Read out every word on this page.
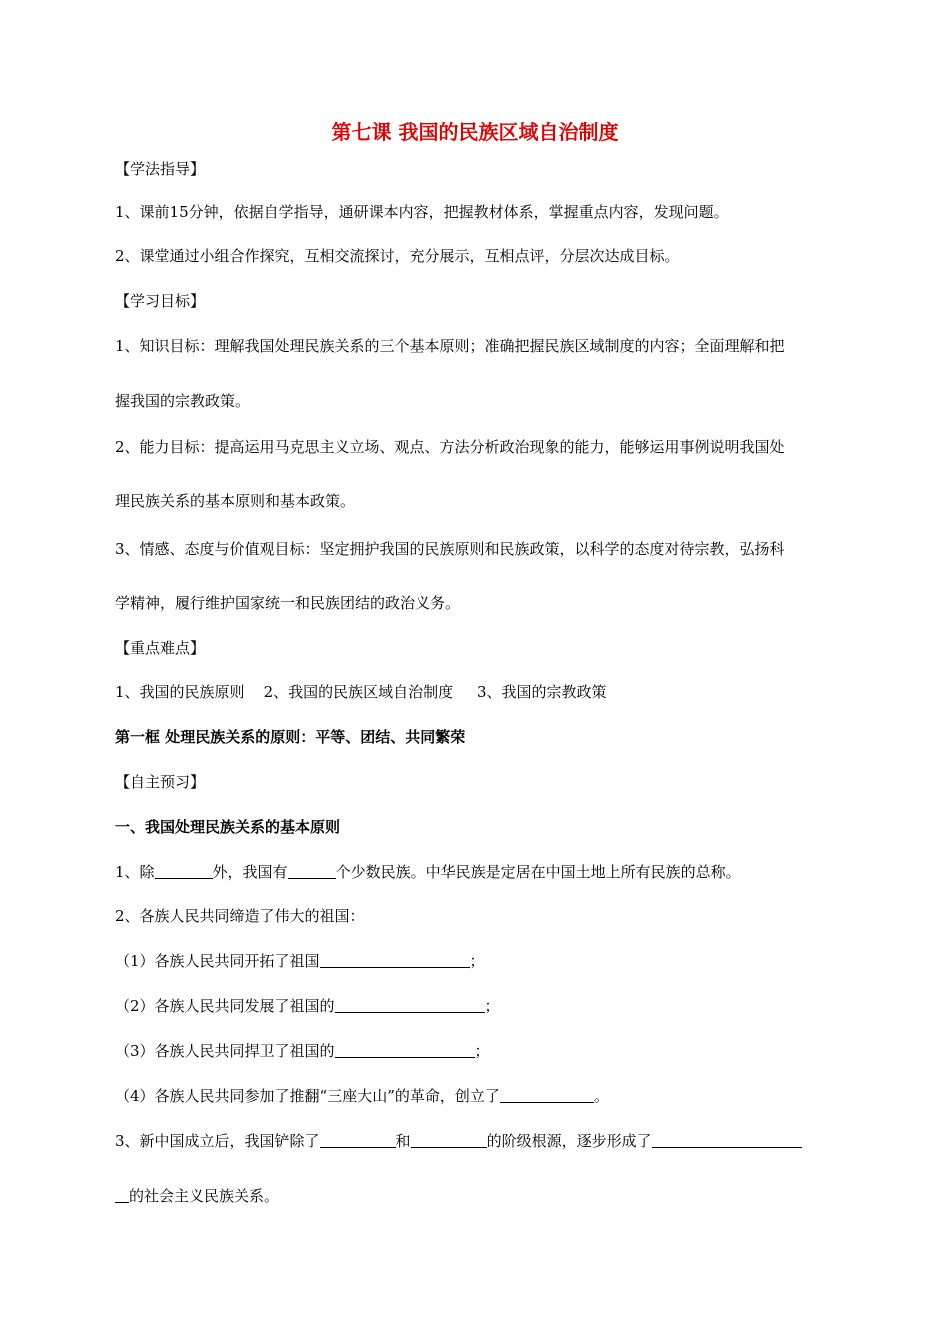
第七课 我国的民族区域自治制度
【学法指导】
1、课前15分钟，依据自学指导，通研课本内容，把握教材体系，掌握重点内容，发现问题。
2、课堂通过小组合作探究，互相交流探讨，充分展示，互相点评，分层次达成目标。
【学习目标】
1、知识目标：理解我国处理民族关系的三个基本原则；准确把握民族区域制度的内容；全面理解和把
握我国的宗教政策。
2、能力目标：提高运用马克思主义立场、观点、方法分析政治现象的能力，能够运用事例说明我国处
理民族关系的基本原则和基本政策。
3、情感、态度与价值观目标：坚定拥护我国的民族原则和民族政策，以科学的态度对待宗教，弘扬科
学精神，履行维护国家统一和民族团结的政治义务。
【重点难点】
1、我国的民族原则    2、我国的民族区域自治制度     3、我国的宗教政策
第一框 处理民族关系的原则：平等、团结、共同繁荣
【自主预习】
一、我国处理民族关系的基本原则
1、除	外，我国有	个少数民族。中华民族是定居在中国土地上所有民族的总称。
2、各族人民共同缔造了伟大的祖国：
（1）各族人民共同开拓了祖国	；
（2）各族人民共同发展了祖国的	；
（3）各族人民共同捍卫了祖国的	；
（4）各族人民共同参加了推翻“三座大山”的革命，创立了	。
3、新中国成立后，我国铲除了	和	的阶级根源，逐步形成了
的社会主义民族关系。
